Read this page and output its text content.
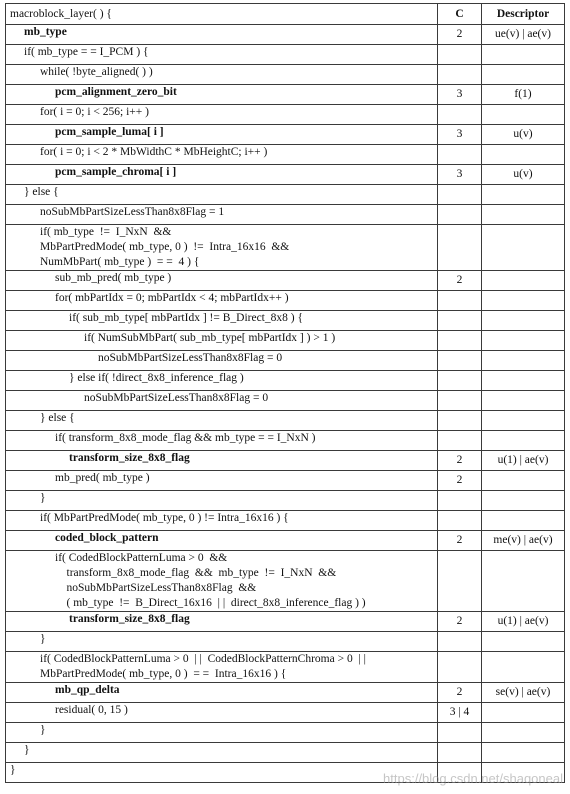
macroblock_layer( ) {	C	Descriptor
mb_type	2	ue(v) | ae(v)
if( mb_type = = I_PCM ) {		
while( !byte_aligned( ) )		
pcm_alignment_zero_bit	3	f(1)
for( i = 0; i < 256; i++ )		
pcm_sample_luma[ i ]	3	u(v)
for( i = 0; i < 2 * MbWidthC * MbHeightC; i++ )		
pcm_sample_chroma[ i ]	3	u(v)
} else {		
noSubMbPartSizeLessThan8x8Flag = 1		
if( mb_type  !=  I_NxN  &&
MbPartPredMode( mb_type, 0 )  !=  Intra_16x16  &&
NumMbPart( mb_type )  = =  4 ) {		
sub_mb_pred( mb_type )	2	
for( mbPartIdx = 0; mbPartIdx < 4; mbPartIdx++ )		
if( sub_mb_type[ mbPartIdx ] != B_Direct_8x8 ) {		
if( NumSubMbPart( sub_mb_type[ mbPartIdx ] ) > 1 )		
noSubMbPartSizeLessThan8x8Flag = 0		
} else if( !direct_8x8_inference_flag )		
noSubMbPartSizeLessThan8x8Flag = 0		
} else {		
if( transform_8x8_mode_flag && mb_type = = I_NxN )		
transform_size_8x8_flag	2	u(1) | ae(v)
mb_pred( mb_type )	2	
}		
if( MbPartPredMode( mb_type, 0 ) != Intra_16x16 ) {		
coded_block_pattern	2	me(v) | ae(v)
if( CodedBlockPatternLuma > 0  &&
transform_8x8_mode_flag  &&  mb_type  !=  I_NxN  &&
noSubMbPartSizeLessThan8x8Flag  &&
( mb_type  !=  B_Direct_16x16  | |  direct_8x8_inference_flag ) )		
transform_size_8x8_flag	2	u(1) | ae(v)
}		
if( CodedBlockPatternLuma > 0  | |  CodedBlockPatternChroma > 0  | |
MbPartPredMode( mb_type, 0 )  = =  Intra_16x16 ) {		
mb_qp_delta	2	se(v) | ae(v)
residual( 0, 15 )	3 | 4	
}		
}		
}		
https://blog.csdn.net/shaqoneal
